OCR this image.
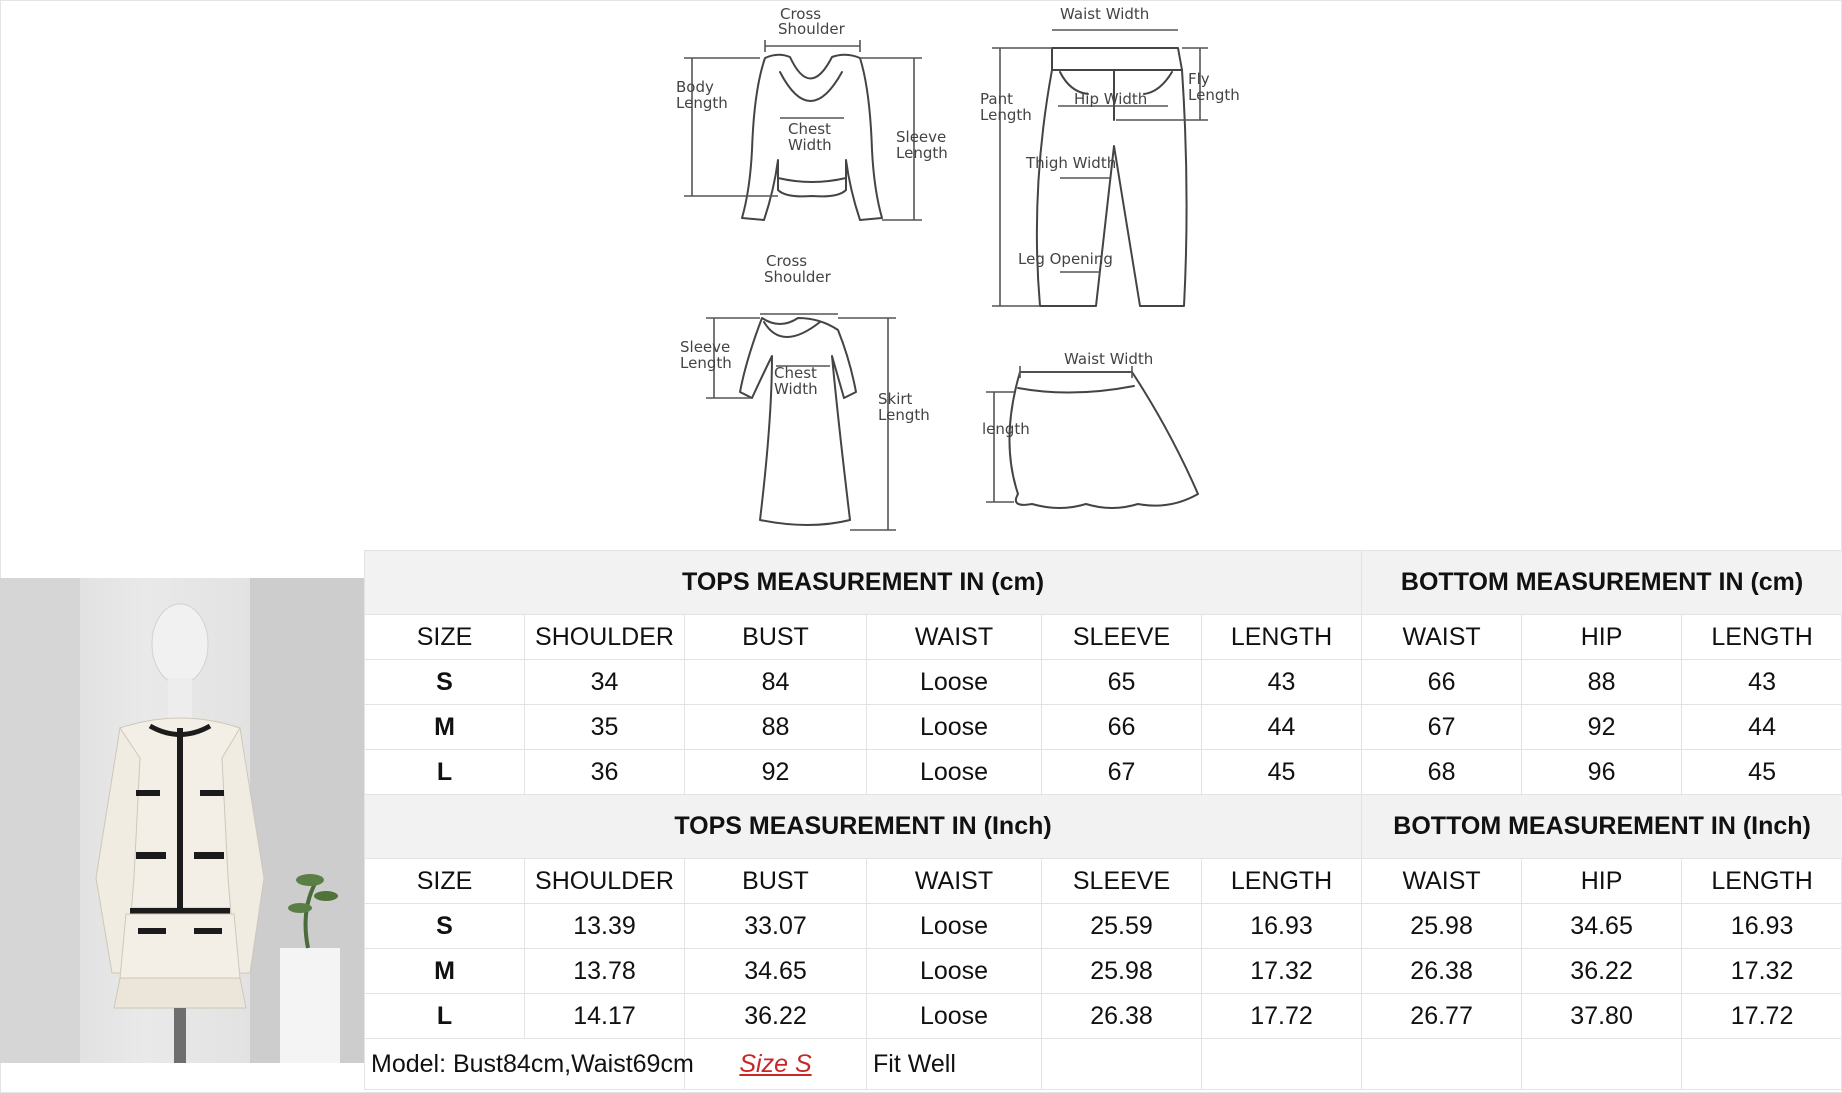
Cross
Shoulder
Body
Length
Chest
Width	Sleeve
Length
Waist Width
Pant
Length
Hip Width
Fly
Length
Thigh Width
Leg Opening
Cross
Shoulder
Sleeve
Length
Chest
Width
Skirt
Length
Waist Width
length
TOPS MEASUREMENT IN (cm)						BOTTOM MEASUREMENT IN (cm)		
SIZE	SHOULDER	BUST	WAIST	SLEEVE	LENGTH	WAIST	HIP	LENGTH
S	34	84	Loose	65	43	66	88	43
M	35	88	Loose	66	44	67	92	44
L	36	92	Loose	67	45	68	96	45
TOPS MEASUREMENT IN (Inch)						BOTTOM MEASUREMENT IN (Inch)		
SIZE	SHOULDER	BUST	WAIST	SLEEVE	LENGTH	WAIST	HIP	LENGTH
S	13.39	33.07	Loose	25.59	16.93	25.98	34.65	16.93
M	13.78	34.65	Loose	25.98	17.32	26.38	36.22	17.32
L	14.17	36.22	Loose	26.38	17.72	26.77	37.80	17.72
Model: Bust84cm,Waist69cm		Size S	Fit Well					
